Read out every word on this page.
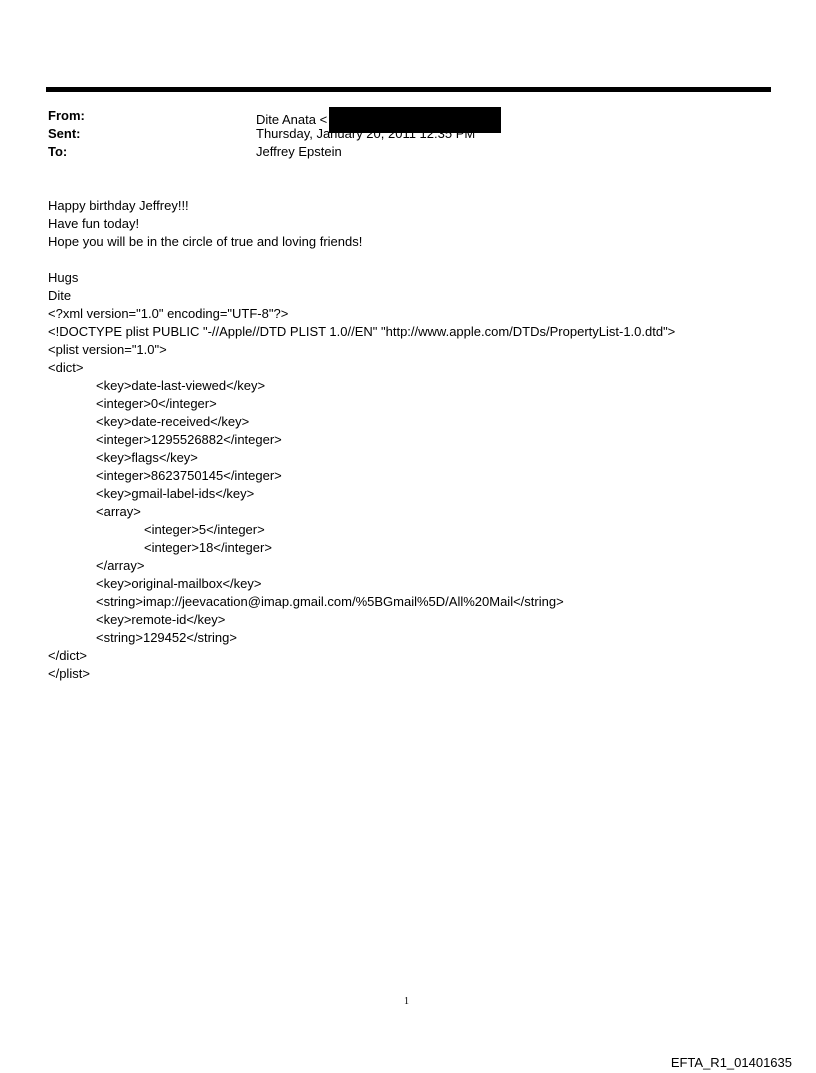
From:	Dite Anata <
Sent:	Thursday, January 20, 2011 12:35 PM
To:	Jeffrey Epstein
Happy birthday Jeffrey!!!
Have fun today!
Hope you will be in the circle of true and loving friends!
Hugs
Dite
<?xml version="1.0" encoding="UTF-8"?>
<!DOCTYPE plist PUBLIC "-//Apple//DTD PLIST 1.0//EN" "http://www.apple.com/DTDs/PropertyList-1.0.dtd">
<plist version="1.0">
<dict>
<key>date-last-viewed</key>
<integer>0</integer>
<key>date-received</key>
<integer>1295526882</integer>
<key>flags</key>
<integer>8623750145</integer>
<key>gmail-label-ids</key>
<array>
<integer>5</integer>
<integer>18</integer>
</array>
<key>original-mailbox</key>
<string>imap://jeevacation@imap.gmail.com/%5BGmail%5D/All%20Mail</string>
<key>remote-id</key>
<string>129452</string>
</dict>
</plist>
1
EFTA_R1_01401635
